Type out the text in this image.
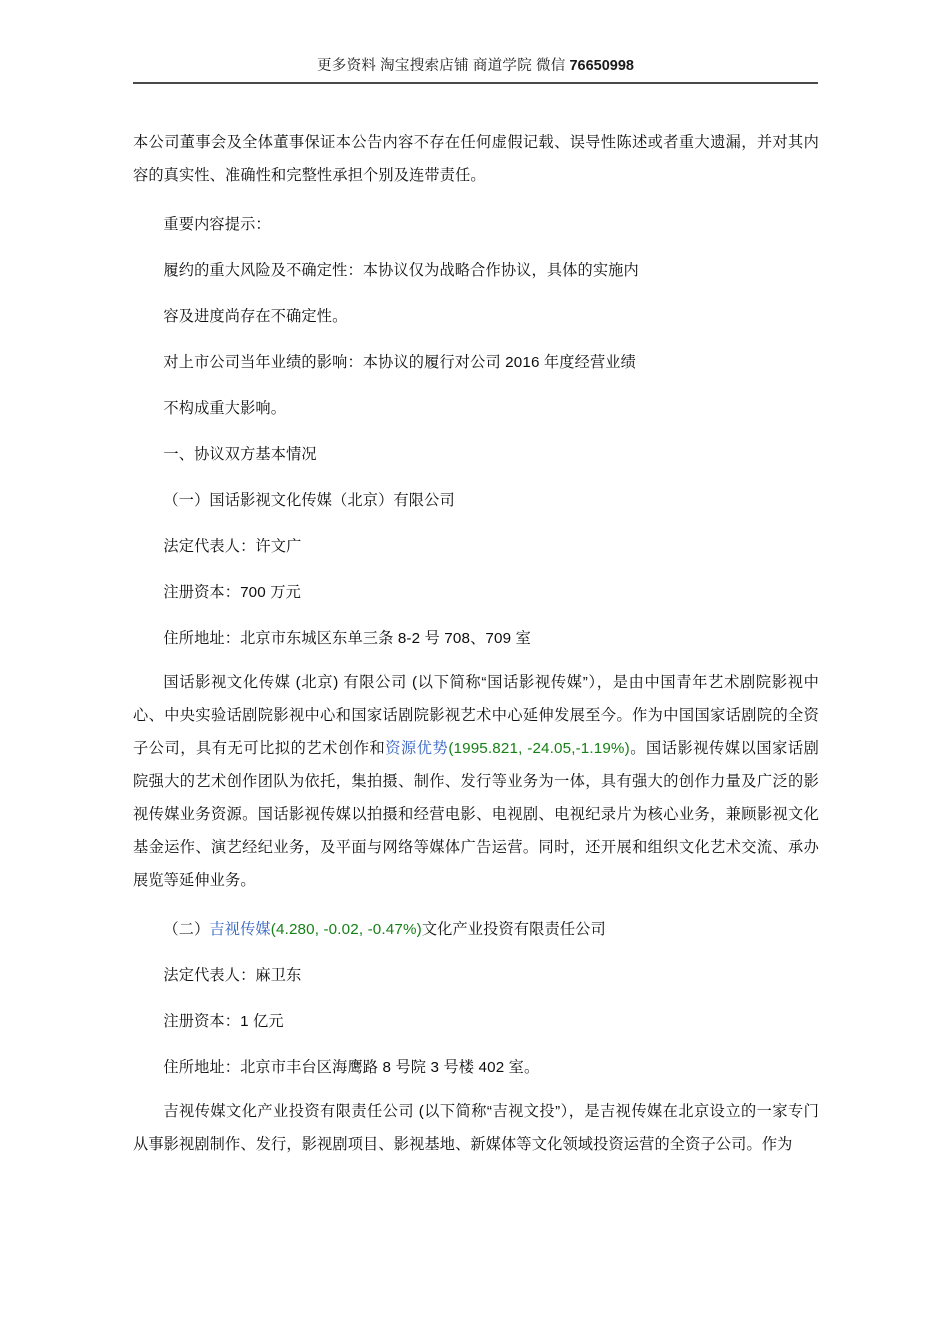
更多资料 淘宝搜索店铺 商道学院 微信 76650998

本公司董事会及全体董事保证本公告内容不存在任何虚假记载、误导性陈述或者重大遗漏，并对其内容的真实性、准确性和完整性承担个别及连带责任。

重要内容提示：

履约的重大风险及不确定性：本协议仅为战略合作协议，具体的实施内

容及进度尚存在不确定性。

对上市公司当年业绩的影响：本协议的履行对公司 2016 年度经营业绩

不构成重大影响。

一、协议双方基本情况

（一）国话影视文化传媒（北京）有限公司

法定代表人：许文广

注册资本：700 万元

住所地址：北京市东城区东单三条 8-2 号 708、709 室

国话影视文化传媒 (北京) 有限公司 (以下简称“国话影视传媒”），是由中国青年艺术剧院影视中心、中央实验话剧院影视中心和国家话剧院影视艺术中心延伸发展至今。作为中国国家话剧院的全资子公司，具有无可比拟的艺术创作和资源优势(1995.821, -24.05,-1.19%)。国话影视传媒以国家话剧院强大的艺术创作团队为依托，集拍摄、制作、发行等业务为一体，具有强大的创作力量及广泛的影视传媒业务资源。国话影视传媒以拍摄和经营电影、电视剧、电视纪录片为核心业务，兼顾影视文化基金运作、演艺经纪业务，及平面与网络等媒体广告运营。同时，还开展和组织文化艺术交流、承办展览等延伸业务。

（二）吉视传媒(4.280, -0.02, -0.47%)文化产业投资有限责任公司

法定代表人：麻卫东

注册资本：1 亿元

住所地址：北京市丰台区海鹰路 8 号院 3 号楼 402 室。

吉视传媒文化产业投资有限责任公司 (以下简称“吉视文投”），是吉视传媒在北京设立的一家专门从事影视剧制作、发行，影视剧项目、影视基地、新媒体等文化领域投资运营的全资子公司。作为
